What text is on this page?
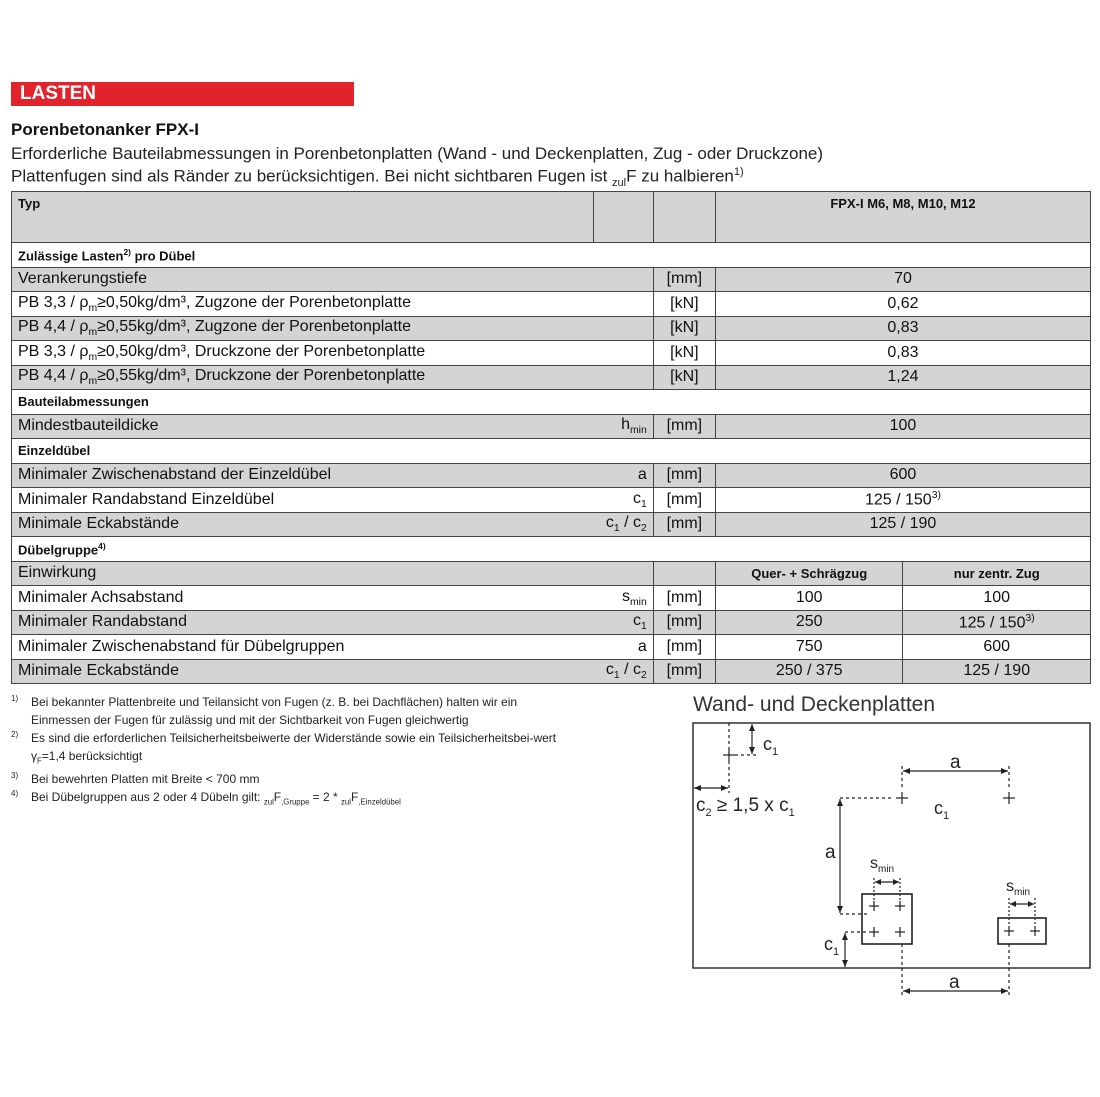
LASTEN
Porenbetonanker FPX-I
Erforderliche Bauteilabmessungen in Porenbetonplatten (Wand - und Deckenplatten, Zug - oder Druckzone)
Plattenfugen sind als Ränder zu berücksichtigen. Bei nicht sichtbaren Fugen ist $_{zul}$F zu halbieren$^{1)}$
Typ			FPX-I M6, M8, M10, M12	
Zulässige Lasten$^{2)}$ pro Dübel				
Verankerungstiefe		[mm]	70	
PB $3,3 / \rho_m\ge 0,50kg$/dm³, Zugzone der Porenbetonplatte		[kN]	0,62	
PB $4,4 / \rho_m\ge 0,55kg$/dm³, Zugzone der Porenbetonplatte		[kN]	0,83	
PB $3,3 / \rho_m\ge 0,50kg$/dm³, Druckzone der Porenbetonplatte		[kN]	0,83	
PB $4,4 / \rho_m\ge 0,55kg$/dm³, Druckzone der Porenbetonplatte		[kN]	1,24	
Bauteilabmessungen				
Mindestbauteildicke	$h_{min}$	[mm]	100	
Einzeldübel				
Minimaler Zwischenabstand der Einzeldübel	a	[mm]	600	
Minimaler Randabstand Einzeldübel	$c_1$	[mm]	125 / 150$^{3)}$
Minimale Eckabstände	$c_1 / c_2$	[mm]	125 / 190	
Dübelgruppe$^{4)}$
Einwirkung			Quer- + Schrägzug	nur zentr. Zug
Minimaler Achsabstand	$s_{min}$	[mm]	100	100
Minimaler Randabstand	$c_1$	[mm]	250	125 / 150$^{3)}$
Minimaler Zwischenabstand für Dübelgruppen	a	[mm]	750	600
Minimale Eckabstände	$c_1 / c_2$	[mm]	250 / 375	125 / 190
1) Bei bekannter Plattenbreite und Teilansicht von Fugen (z. B. bei Dachflächen) halten wir ein Einmessen der Fugen für zulässig und mit der Sichtbarkeit von Fugen gleichwertig
2) Es sind die erforderlichen Teilsicherheitsbeiwerte der Widerstände sowie ein Teilsicherheitsbei-wert $\gamma_F=1,4$ berücksichtigt
3) Bei bewehrten Platten mit Breite < 700 mm
4) Bei Dübelgruppen aus 2 oder 4 Dübeln gilt: $_{zul}F_{,Gruppe} = 2 * _{zul}F_{,Einzeldübel}$
Wand- und Deckenplatten
$c_1$
$c_2 \ge 1,5$ x $c_1$
a
$c_1$
a
$s_{min}$
$c_1$
$s_{min}$
a
